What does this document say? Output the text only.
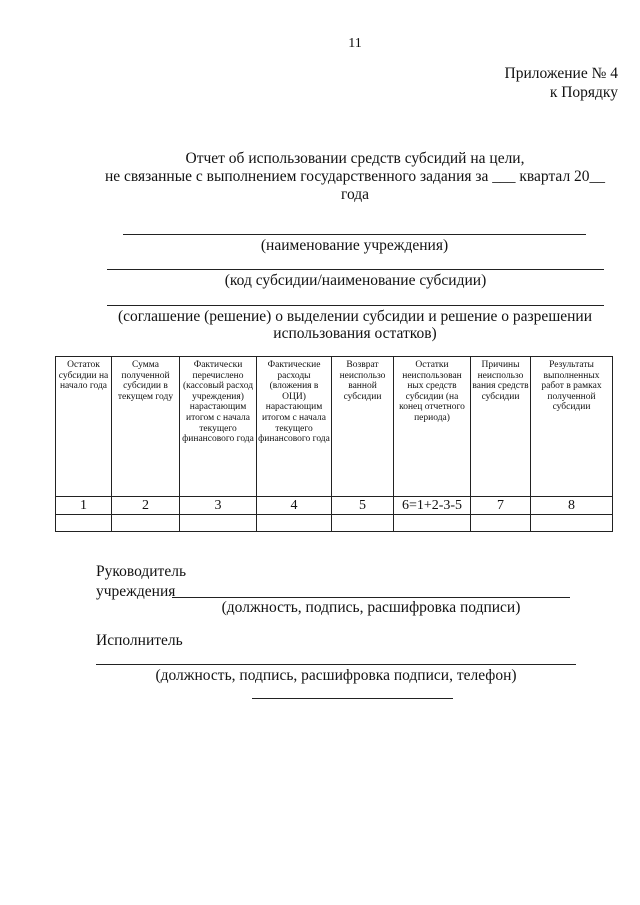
11
Приложение № 4
к Порядку
Отчет об использовании средств субсидий на цели,
не связанные с выполнением государственного задания за ___ квартал 20__
года
(наименование учреждения)
(код субсидии/наименование субсидии)
(соглашение (решение) о выделении субсидии и решение о разрешении
использования остатков)
Остаток субсидии на начало года	Сумма полученной субсидии в текущем году	Фактически перечислено (кассовый расход учреждения) нарастающим итогом с начала текущего финансового года	Фактические расходы (вложения в ОЦИ) нарастающим итогом с начала текущего финансового года	Возврат неиспользо ванной субсидии	Остатки неиспользован ных средств субсидии (на конец отчетного периода)	Причины неиспользо вания средств субсидии	Результаты выполненных работ в рамках полученной субсидии
1	2	3	4	5	6=1+2-3-5	7	8

Руководитель
учреждения
(должность, подпись, расшифровка подписи)
Исполнитель
(должность, подпись, расшифровка подписи, телефон)
